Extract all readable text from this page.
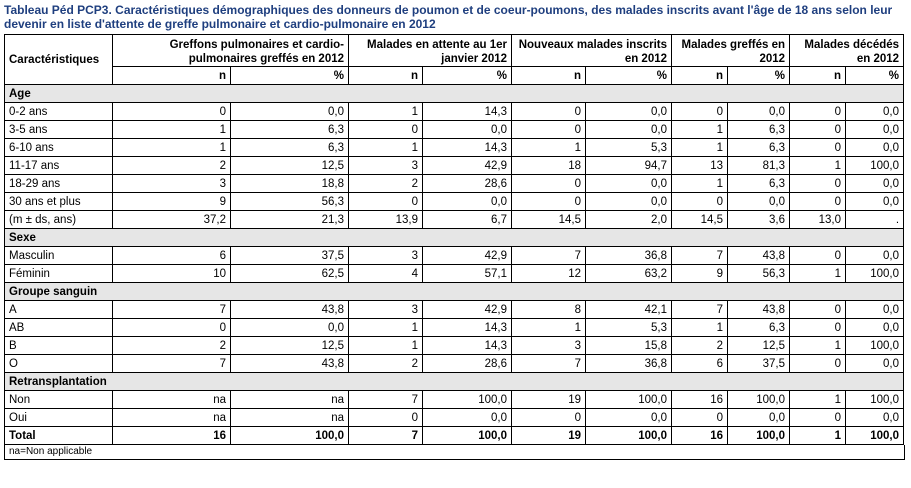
Tableau Péd PCP3. Caractéristiques démographiques des donneurs de poumon et de coeur-poumons, des malades inscrits avant l'âge de 18 ans selon leur devenir en liste d'attente de greffe pulmonaire et cardio-pulmonaire en 2012
Caractéristiques	Greffons pulmonaires et cardio-pulmonaires greffés en 2012		Malades en attente au 1er janvier 2012		Nouveaux malades inscrits en 2012		Malades greffés en 2012		Malades décédés en 2012	
	n	%	n	%	n	%	n	%	n	%
Age										
0-2 ans	0	0,0	1	14,3	0	0,0	0	0,0	0	0,0
3-5 ans	1	6,3	0	0,0	0	0,0	1	6,3	0	0,0
6-10 ans	1	6,3	1	14,3	1	5,3	1	6,3	0	0,0
11-17 ans	2	12,5	3	42,9	18	94,7	13	81,3	1	100,0
18-29 ans	3	18,8	2	28,6	0	0,0	1	6,3	0	0,0
30 ans et plus	9	56,3	0	0,0	0	0,0	0	0,0	0	0,0
(m ± ds, ans)	37,2	21,3	13,9	6,7	14,5	2,0	14,5	3,6	13,0	.
Sexe										
Masculin	6	37,5	3	42,9	7	36,8	7	43,8	0	0,0
Féminin	10	62,5	4	57,1	12	63,2	9	56,3	1	100,0
Groupe sanguin										
A	7	43,8	3	42,9	8	42,1	7	43,8	0	0,0
AB	0	0,0	1	14,3	1	5,3	1	6,3	0	0,0
B	2	12,5	1	14,3	3	15,8	2	12,5	1	100,0
O	7	43,8	2	28,6	7	36,8	6	37,5	0	0,0
Retransplantation										
Non	na	na	7	100,0	19	100,0	16	100,0	1	100,0
Oui	na	na	0	0,0	0	0,0	0	0,0	0	0,0
Total	16	100,0	7	100,0	19	100,0	16	100,0	1	100,0
na=Non applicable
